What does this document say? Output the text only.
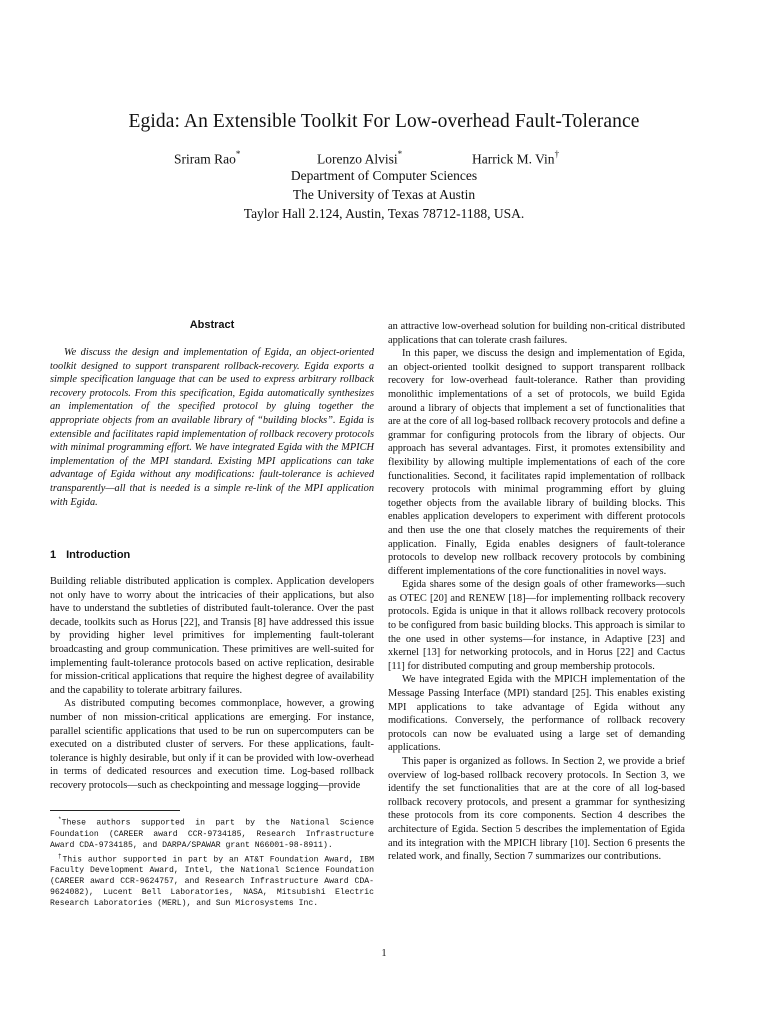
Egida: An Extensible Toolkit For Low-overhead Fault-Tolerance
Sriram Rao*	Lorenzo Alvisi*	Harrick M. Vin†
Department of Computer Sciences
The University of Texas at Austin
Taylor Hall 2.124, Austin, Texas 78712-1188, USA.
Abstract

We discuss the design and implementation of Egida, an object-oriented toolkit designed to support transparent rollback-recovery. Egida exports a simple specification language that can be used to express arbitrary rollback recovery protocols. From this specification, Egida automatically synthesizes an implementation of the specified protocol by gluing together the appropriate objects from an available library of “building blocks”. Egida is extensible and facilitates rapid implementation of rollback recovery protocols with minimal programming effort. We have integrated Egida with the MPICH implementation of the MPI standard. Existing MPI applications can take advantage of Egida without any modifications: fault-tolerance is achieved transparently—all that is needed is a simple re-link of the MPI application with Egida.

1 Introduction

Building reliable distributed application is complex. Application developers not only have to worry about the intricacies of their applications, but also have to understand the subtleties of distributed fault-tolerance. Over the past decade, toolkits such as Horus [22], and Transis [8] have addressed this issue by providing higher level primitives for implementing fault-tolerant broadcasting and group communication. These primitives are well-suited for implementing fault-tolerance protocols based on active replication, desirable for mission-critical applications that require the highest degree of availability and the capability to tolerate arbitrary failures.

As distributed computing becomes commonplace, however, a growing number of non mission-critical applications are emerging. For instance, parallel scientific applications that used to be run on supercomputers can be executed on a distributed cluster of servers. For these applications, fault-tolerance is highly desirable, but only if it can be provided with low-overhead in terms of dedicated resources and execution time. Log-based rollback recovery protocols—such as checkpointing and message logging—provide

an attractive low-overhead solution for building non-critical distributed applications that can tolerate crash failures.

In this paper, we discuss the design and implementation of Egida, an object-oriented toolkit designed to support transparent rollback recovery for low-overhead fault-tolerance. Rather than providing monolithic implementations of a set of protocols, we build Egida around a library of objects that implement a set of functionalities that are at the core of all log-based rollback recovery protocols and define a grammar for configuring protocols from the library of objects. Our approach has several advantages. First, it promotes extensibility and flexibility by allowing multiple implementations of each of the core functionalities. Second, it facilitates rapid implementation of rollback recovery protocols with minimal programming effort by gluing together objects from the available library of building blocks. This enables application developers to experiment with different protocols and then use the one that closely matches the requirements of their application. Finally, Egida enables designers of fault-tolerance protocols to develop new rollback recovery protocols by combining different implementations of the core functionalities in novel ways.

Egida shares some of the design goals of other frameworks—such as OTEC [20] and RENEW [18]—for implementing rollback recovery protocols. Egida is unique in that it allows rollback recovery protocols to be configured from basic building blocks. This approach is similar to the one used in other systems—for instance, in Adaptive [23] and xkernel [13] for networking protocols, and in Horus [22] and Cactus [11] for distributed computing and group membership protocols.

We have integrated Egida with the MPICH implementation of the Message Passing Interface (MPI) standard [25]. This enables existing MPI applications to take advantage of Egida without any modifications. Conversely, the performance of rollback recovery protocols can now be evaluated using a large set of demanding applications.

This paper is organized as follows. In Section 2, we provide a brief overview of log-based rollback recovery protocols. In Section 3, we identify the set functionalities that are at the core of all log-based rollback recovery protocols, and present a grammar for synthesizing these protocols from its core components. Section 4 describes the architecture of Egida. Section 5 describes the implementation of Egida and its integration with the MPICH library [10]. Section 6 presents the related work, and finally, Section 7 summarizes our contributions.

*These authors supported in part by the National Science Foundation (CAREER award CCR-9734185, Research Infrastructure Award CDA-9734185, and DARPA/SPAWAR grant N66001-98-8911).

†This author supported in part by an AT&T Foundation Award, IBM Faculty Development Award, Intel, the National Science Foundation (CAREER award CCR-9624757, and Research Infrastructure Award CDA-9624082), Lucent Bell Laboratories, NASA, Mitsubishi Electric Research Laboratories (MERL), and Sun Microsystems Inc.

1
